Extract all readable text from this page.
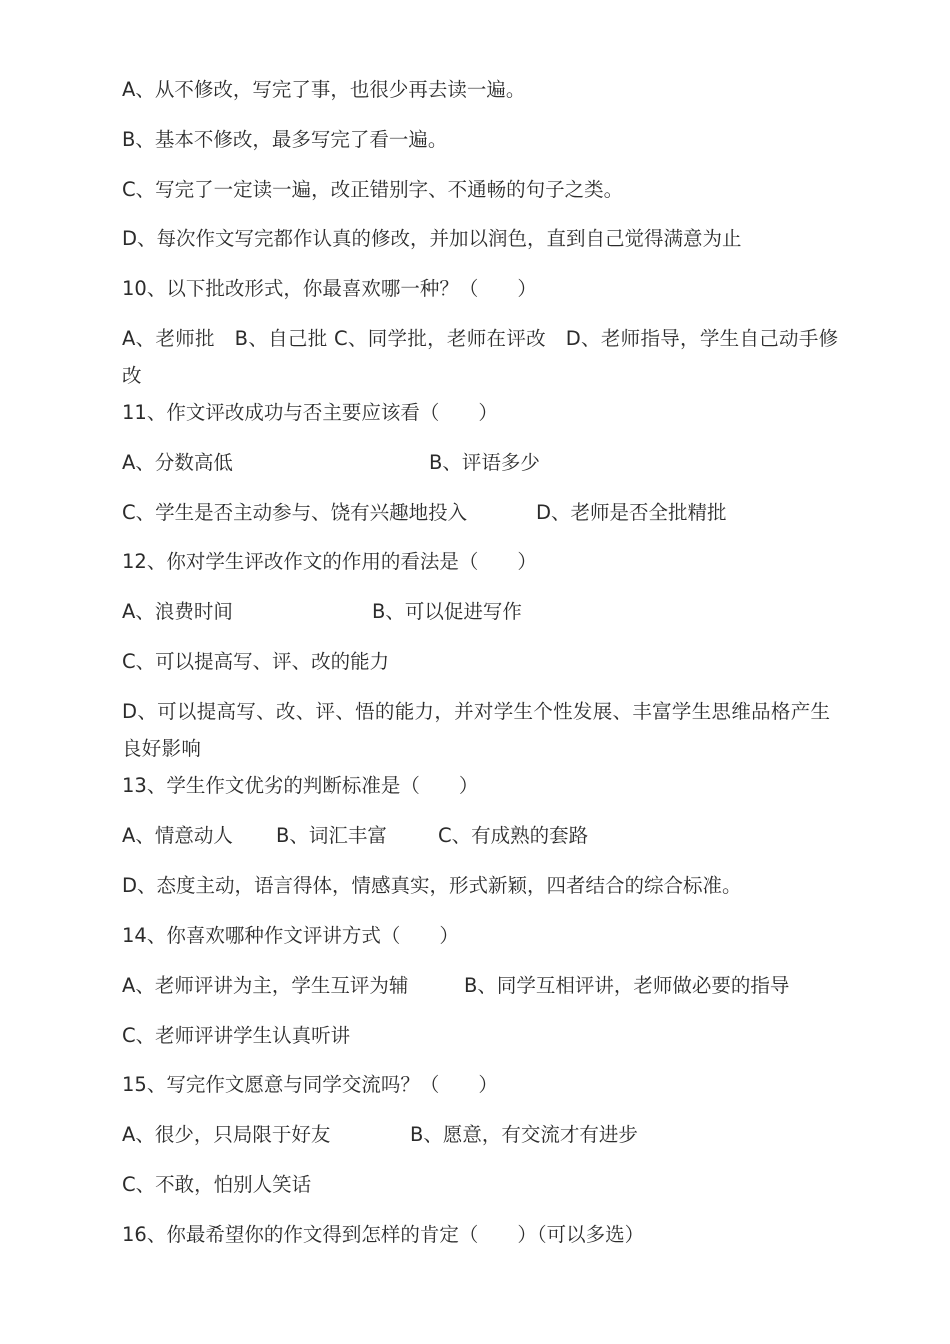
A、从不修改，写完了事，也很少再去读一遍。
B、基本不修改，最多写完了看一遍。
C、写完了一定读一遍，改正错别字、不通畅的句子之类。
D、每次作文写完都作认真的修改，并加以润色，直到自己觉得满意为止
10、以下批改形式，你最喜欢哪一种？（　　）
A、老师批　B、自己批 C、同学批，老师在评改　D、老师指导，学生自己动手修改
11、作文评改成功与否主要应该看（　　）
A、分数高低	B、评语多少
C、学生是否主动参与、饶有兴趣地投入	D、老师是否全批精批
12、你对学生评改作文的作用的看法是（　　）
A、浪费时间	B、可以促进写作
C、可以提高写、评、改的能力
D、可以提高写、改、评、悟的能力，并对学生个性发展、丰富学生思维品格产生良好影响
13、学生作文优劣的判断标准是（　　）
A、情意动人 B、词汇丰富	C、有成熟的套路
D、态度主动，语言得体，情感真实，形式新颖，四者结合的综合标准。
14、你喜欢哪种作文评讲方式（　　）
A、老师评讲为主，学生互评为辅	B、同学互相评讲，老师做必要的指导
C、老师评讲学生认真听讲
15、写完作文愿意与同学交流吗？（　　）
A、很少，只局限于好友	B、愿意，有交流才有进步
C、不敢，怕别人笑话
16、你最希望你的作文得到怎样的肯定（　　）（可以多选）
